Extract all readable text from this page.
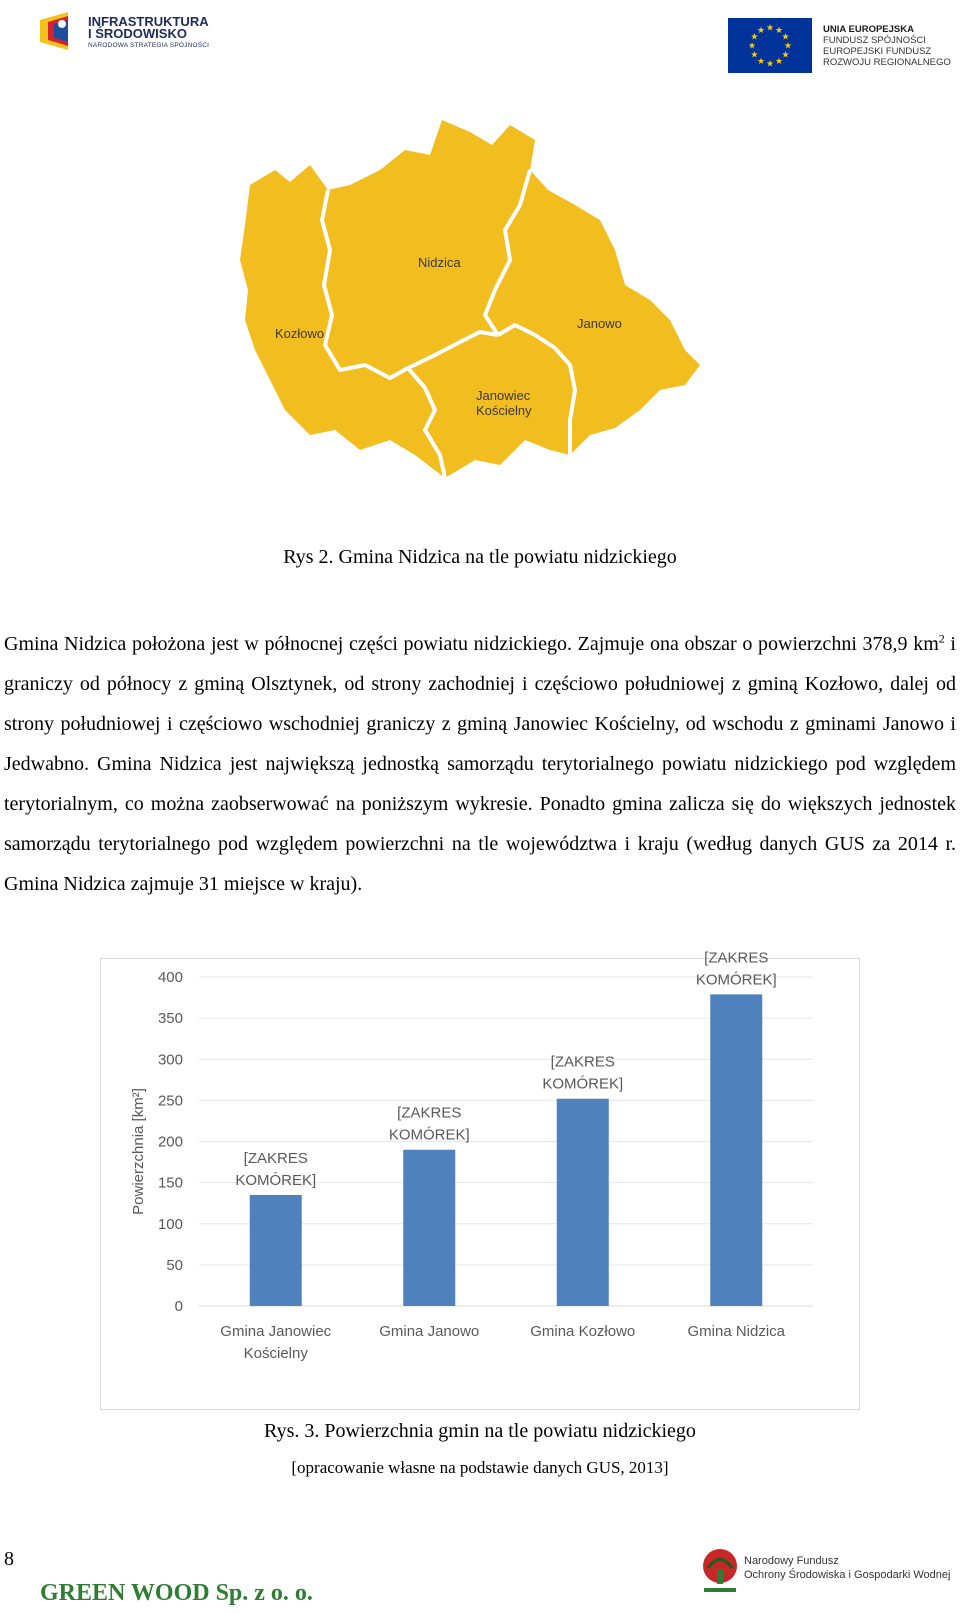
INFRASTRUKTURA
I ŚRODOWISKO
NARODOWA STRATEGIA SPÓJNOŚCI
★ ★
★
★
★
★
★
★
★
★
★
★	UNIA EUROPEJSKA
FUNDUSZ SPÓJNOŚCI
EUROPEJSKI FUNDUSZ
ROZWOJU REGIONALNEGO
Nidzica
Kozłowo
Janowo
Janowiec
Kościelny
Rys 2. Gmina Nidzica na tle powiatu nidzickiego
Gmina Nidzica położona jest w północnej części powiatu nidzickiego. Zajmuje ona obszar o powierzchni 378,9 $km^2$ i graniczy od północy z gminą Olsztynek, od strony zachodniej i częściowo południowej z gminą Kozłowo, dalej od strony południowej i częściowo wschodniej graniczy z gminą Janowiec Kościelny, od wschodu z gminami Janowo i Jedwabno. Gmina Nidzica jest największą jednostką samorządu terytorialnego powiatu nidzickiego pod względem terytorialnym, co można zaobserwować na poniższym wykresie. Ponadto gmina zalicza się do większych jednostek samorządu terytorialnego pod względem powierzchni na tle województwa i kraju (według danych GUS za 2014 r. Gmina Nidzica zajmuje 31 miejsce w kraju).
0
50
100
150
200
250
300
350
400
Powierzchnia [km²]	[ZAKRES
KOMÓREK]
Gmina Janowiec
Kościelny
[ZAKRES
KOMÓREK]
Gmina Janowo
[ZAKRES
KOMÓREK]
Gmina Kozłowo
[ZAKRES
KOMÓREK]
Gmina Nidzica
Rys. 3. Powierzchnia gmin na tle powiatu nidzickiego
[opracowanie własne na podstawie danych GUS, 2013]
8
GREEN WOOD Sp. z o. o.
Narodowy Fundusz
Ochrony Środowiska i Gospodarki Wodnej
